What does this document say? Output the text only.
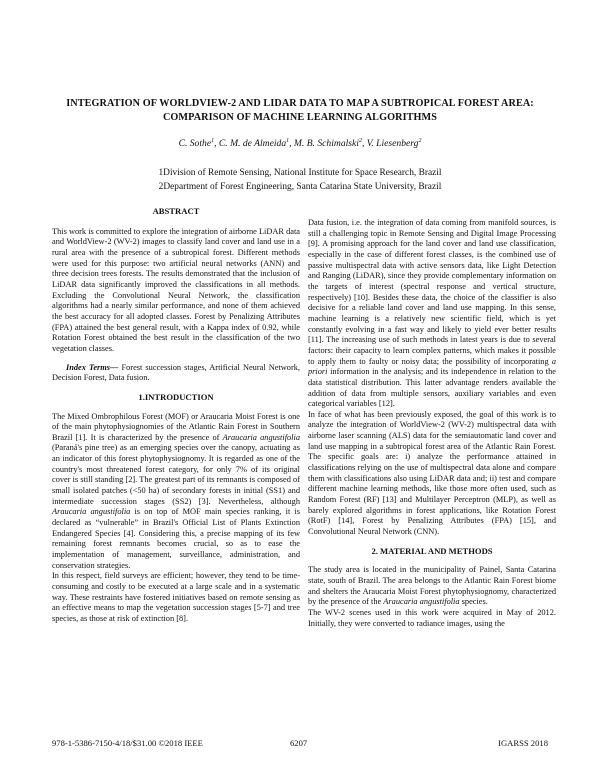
INTEGRATION OF WORLDVIEW-2 AND LIDAR DATA TO MAP A SUBTROPICAL FOREST AREA: COMPARISON OF MACHINE LEARNING ALGORITHMS
C. Sothe$^1$, C. M. de Almeida$^1$, M. B. Schimalski$^2$, V. Liesenberg$^2$
1Division of Remote Sensing, National Institute for Space Research, Brazil
2Department of Forest Engineering, Santa Catarina State University, Brazil
ABSTRACT

This work is committed to explore the integration of airborne LiDAR data and WorldView-2 (WV-2) images to classify land cover and land use in a rural area with the presence of a subtropical forest. Different methods were used for this purpose: two artificial neural networks (ANN) and three decision trees forests. The results demonstrated that the inclusion of LiDAR data significantly improved the classifications in all methods. Excluding the Convolutional Neural Network, the classification algorithms had a nearly similar performance, and none of them achieved the best accuracy for all adopted classes. Forest by Penalizing Attributes (FPA) attained the best general result, with a Kappa index of 0.92, while Rotation Forest obtained the best result in the classification of the two vegetation classes.

Index Terms— Forest succession stages, Artificial Neural Network, Decision Forest, Data fusion.

1.INTRODUCTION

The Mixed Ombrophilous Forest (MOF) or Araucaria Moist Forest is one of the main phytophysiognomies of the Atlantic Rain Forest in Southern Brazil [1]. It is characterized by the presence of Araucaria angustifolia (Paraná's pine tree) as an emerging species over the canopy, actuating as an indicator of this forest phytophysiognomy. It is regarded as one of the country's most threatened forest category, for only 7% of its original cover is still standing [2]. The greatest part of its remnants is composed of small isolated patches (<50 ha) of secondary forests in initial (SS1) and intermediate succession stages (SS2) [3]. Nevertheless, although Araucaria angustifolia is on top of MOF main species ranking, it is declared as “vulnerable” in Brazil's Official List of Plants Extinction Endangered Species [4]. Considering this, a precise mapping of its few remaining forest remnants becomes crucial, so as to ease the implementation of management, surveillance, administration, and conservation strategies.

In this respect, field surveys are efficient; however, they tend to be time-consuming and costly to be executed at a large scale and in a systematic way. These restraints have fostered initiatives based on remote sensing as an effective means to map the vegetation succession stages [5-7] and tree species, as those at risk of extinction [8].

Data fusion, i.e. the integration of data coming from manifold sources, is still a challenging topic in Remote Sensing and Digital Image Processing [9]. A promising approach for the land cover and land use classification, especially in the case of different forest classes, is the combined use of passive multispectral data with active sensors data, like Light Detection and Ranging (LiDAR), since they provide complementary information on the targets of interest (spectral response and vertical structure, respectively) [10]. Besides these data, the choice of the classifier is also decisive for a reliable land cover and land use mapping. In this sense, machine learning is a relatively new scientific field, which is yet constantly evolving in a fast way and likely to yield ever better results [11]. The increasing use of such methods in latest years is due to several factors: their capacity to learn complex patterns, which makes it possible to apply them to faulty or noisy data; the possibility of incorporating a priori information in the analysis; and its independence in relation to the data statistical distribution. This latter advantage renders available the addition of data from multiple sensors, auxiliary variables and even categorical variables [12].

In face of what has been previously exposed, the goal of this work is to analyze the integration of WorldView-2 (WV-2) multispectral data with airborne laser scanning (ALS) data for the semiautomatic land cover and land use mapping in a subtropical forest area of the Atlantic Rain Forest. The specific goals are: i) analyze the performance attained in classifications relying on the use of multispectral data alone and compare them with classifications also using LiDAR data and; ii) test and compare different machine learning methods, like those more often used, such as Random Forest (RF) [13] and Multilayer Perceptron (MLP), as well as barely explored algorithms in forest applications, like Rotation Forest (RotF) [14], Forest by Penalizing Attributes (FPA) [15], and Convolutional Neural Network (CNN).

2. MATERIAL AND METHODS

The study area is located in the municipality of Painel, Santa Catarina state, south of Brazil. The area belongs to the Atlantic Rain Forest biome and shelters the Araucaria Moist Forest phytophysiognomy, characterized by the presence of the Araucaria angustifolia species.

The WV-2 scenes used in this work were acquired in May of 2012. Initially, they were converted to radiance images, using the

978-1-5386-7150-4/18/$31.00 ©2018 IEEE	6207	IGARSS 2018
